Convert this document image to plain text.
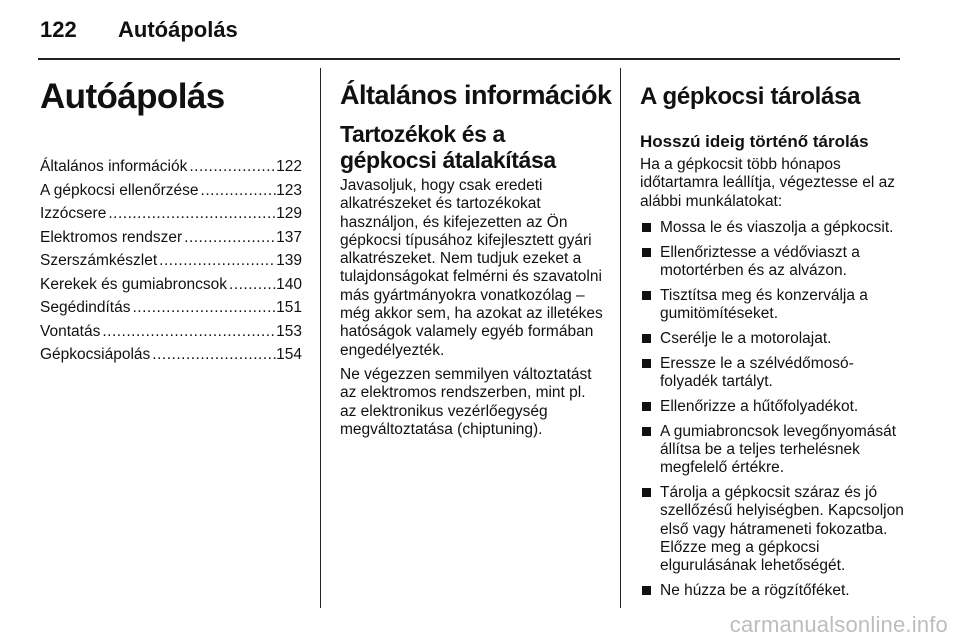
122 Autóápolás
Autóápolás
Általános információk .....	122
A gépkocsi ellenőrzése .....	123
Izzócsere .....	129
Elektromos rendszer .....	137
Szerszámkészlet .....	139
Kerekek és gumiabroncsok .....	140
Segédindítás .....	151
Vontatás .....	153
Gépkocsiápolás .....	154
Általános információk
Tartozékok és a gépkocsi átalakítása

Javasoljuk, hogy csak eredeti alkatrészeket és tartozékokat használjon, és kifejezetten az Ön gépkocsi típusához kifejlesztett gyári alkatrészeket. Nem tudjuk ezeket a tulajdonságokat felmérni és szavatolni más gyártmányokra vonatkozólag – még akkor sem, ha azokat az illetékes hatóságok valamely egyéb formában engedélyezték.

Ne végezzen semmilyen változtatást az elektromos rendszerben, mint pl. az elektronikus vezérlőegység megváltoztatása (chiptuning).

A gépkocsi tárolása
Hosszú ideig történő tárolás

Ha a gépkocsit több hónapos időtartamra leállítja, végeztesse el az alábbi munkálatokat:

Mossa le és viaszolja a gépkocsit.
Ellenőriztesse a védőviaszt a motortérben és az alvázon.
Tisztítsa meg és konzerválja a gumitömítéseket.
Cserélje le a motorolajat.
Eressze le a szélvédőmosó-folyadék tartályt.
Ellenőrizze a hűtőfolyadékot.
A gumiabroncsok levegőnyomását állítsa be a teljes terhelésnek megfelelő értékre.
Tárolja a gépkocsit száraz és jó szellőzésű helyiségben. Kapcsoljon első vagy hátrameneti fokozatba. Előzze meg a gépkocsi elgurulásának lehetőségét.
Ne húzza be a rögzítőféket.
carmanualsonline.info
